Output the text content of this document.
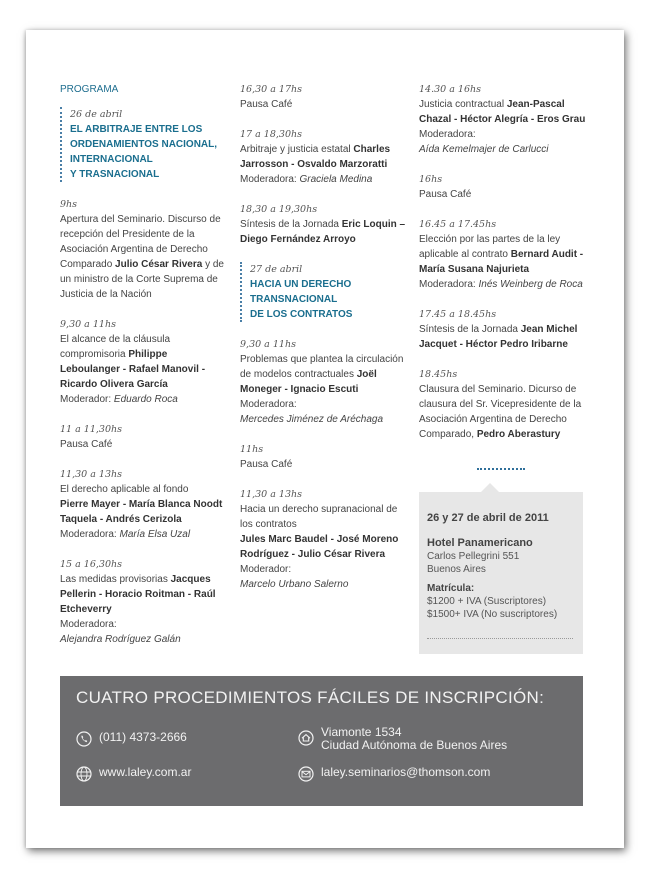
PROGRAMA
26 de abril
EL ARBITRAJE ENTRE LOS
ORDENAMIENTOS NACIONAL,
INTERNACIONAL
Y TRASNACIONAL
9hs
Apertura del Seminario. Discurso de recepción del Presidente de la Asociación Argentina de Derecho Comparado Julio César Rivera y de un ministro de la Corte Suprema de Justicia de la Nación
9,30 a 11hs
El alcance de la cláusula compromisoria Philippe Leboulanger - Rafael Manovil - Ricardo Olivera García
Moderador: Eduardo Roca
11 a 11,30hs
Pausa Café
11,30 a 13hs
El derecho aplicable al fondo
Pierre Mayer - María Blanca Noodt Taquela - Andrés Cerizola
Moderadora: María Elsa Uzal
15 a 16,30hs
Las medidas provisorias Jacques Pellerin - Horacio Roitman - Raúl Etcheverry
Moderadora:
Alejandra Rodríguez Galán
16,30 a 17hs
Pausa Café
17 a 18,30hs
Arbitraje y justicia estatal Charles Jarrosson - Osvaldo Marzoratti
Moderadora: Graciela Medina
18,30 a 19,30hs
Síntesis de la Jornada Eric Loquin – Diego Fernández Arroyo
27 de abril
HACIA UN DERECHO
TRANSNACIONAL
DE LOS CONTRATOS
9,30 a 11hs
Problemas que plantea la circulación de modelos contractuales Joël Moneger - Ignacio Escuti
Moderadora:
Mercedes Jiménez de Aréchaga
11hs
Pausa Café
11,30 a 13hs
Hacia un derecho supranacional de los contratos
Jules Marc Baudel - José Moreno Rodríguez - Julio César Rivera
Moderador:
Marcelo Urbano Salerno
14.30 a 16hs
Justicia contractual Jean-Pascal Chazal - Héctor Alegría - Eros Grau
Moderadora:
Aída Kemelmajer de Carlucci
16hs
Pausa Café
16.45 a 17.45hs
Elección por las partes de la ley aplicable al contrato Bernard Audit - María Susana Najurieta
Moderadora: Inés Weinberg de Roca
17.45 a 18.45hs
Síntesis de la Jornada Jean Michel Jacquet - Héctor Pedro Iribarne
18.45hs
Clausura del Seminario. Dicurso de clausura del Sr. Vicepresidente de la Asociación Argentina de Derecho Comparado, Pedro Aberastury
26 y 27 de abril de 2011
Hotel Panamericano
Carlos Pellegrini 551
Buenos Aires
Matrícula:
$1200 + IVA (Suscriptores)
$1500+ IVA (No suscriptores)
CUATRO PROCEDIMIENTOS FÁCILES DE INSCRIPCIÓN:
(011) 4373-2666	Viamonte 1534
Ciudad Autónoma de Buenos Aires
www.laley.com.ar	laley.seminarios@thomson.com
